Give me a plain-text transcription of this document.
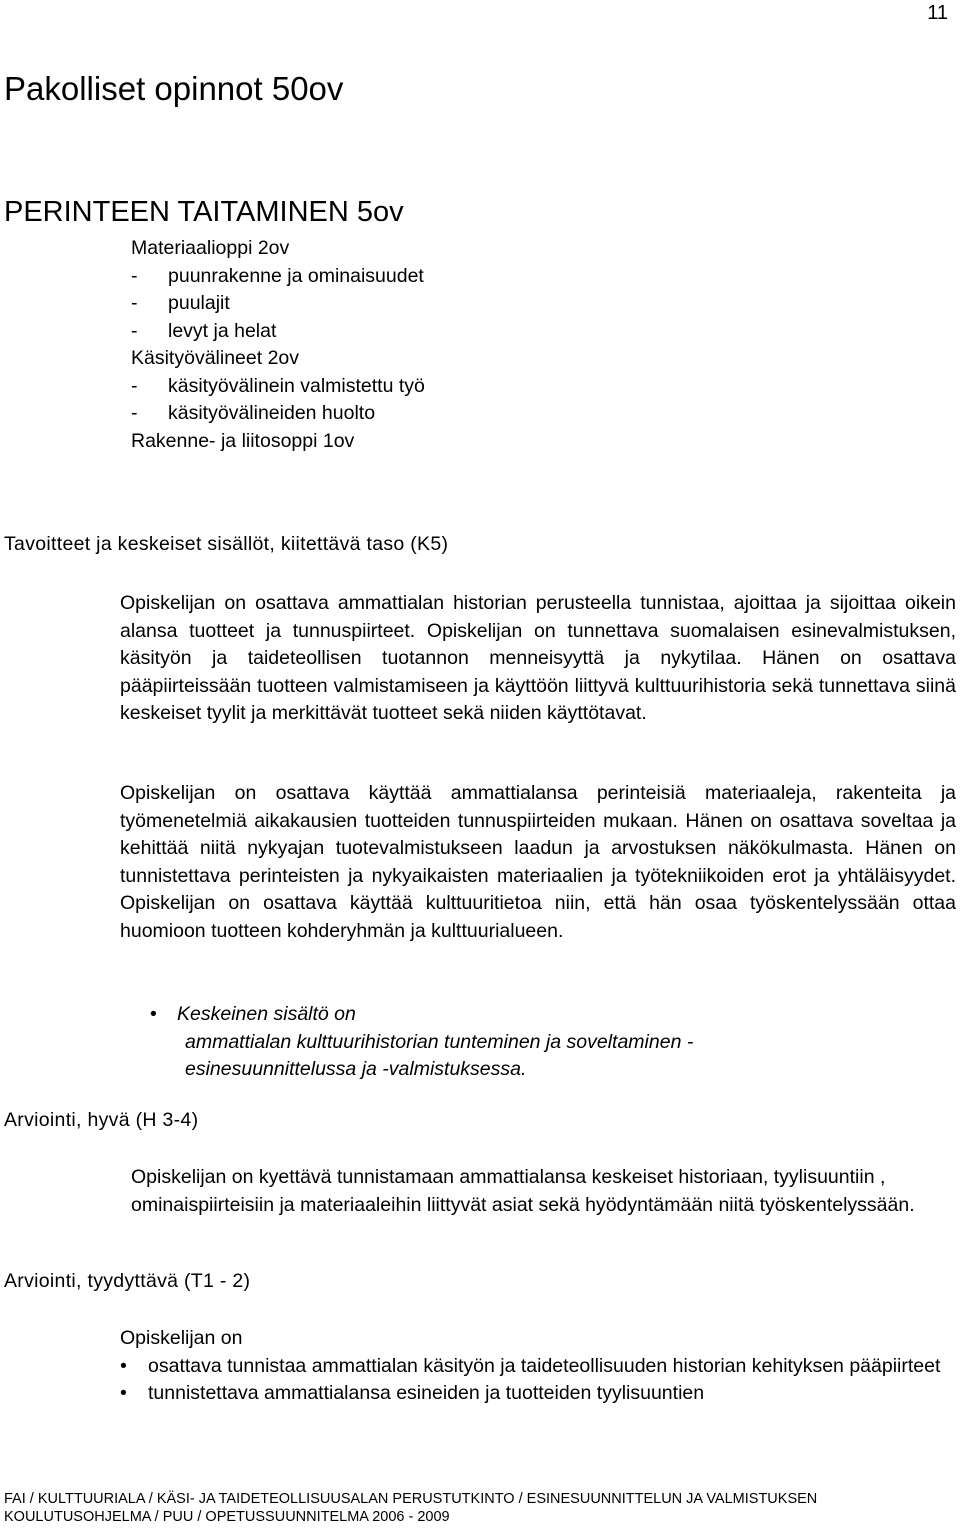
11
Pakolliset opinnot 50ov
PERINTEEN TAITAMINEN 5ov
Materiaalioppi 2ov
- puunrakenne ja ominaisuudet
- puulajit
- levyt ja helat
Käsityövälineet 2ov
- käsityövälinein valmistettu työ
- käsityövälineiden huolto
Rakenne- ja liitosoppi 1ov
Tavoitteet ja keskeiset sisällöt, kiitettävä taso (K5)
Opiskelijan on osattava ammattialan historian perusteella tunnistaa, ajoittaa ja sijoittaa oikein alansa tuotteet ja tunnuspiirteet. Opiskelijan on tunnettava suomalaisen esinevalmistuksen, käsityön ja taideteollisen tuotannon menneisyyttä ja nykytilaa. Hänen on osattava pääpiirteissään tuotteen valmistamiseen ja käyttöön liittyvä kulttuurihistoria sekä tunnettava siinä keskeiset tyylit ja merkittävät tuotteet sekä niiden käyttötavat.
Opiskelijan on osattava käyttää ammattialansa perinteisiä materiaaleja, rakenteita ja työmenetelmiä aikakausien tuotteiden tunnuspiirteiden mukaan. Hänen on osattava soveltaa ja kehittää niitä nykyajan tuotevalmistukseen laadun ja arvostuksen näkökulmasta. Hänen on tunnistettava perinteisten ja nykyaikaisten materiaalien ja työtekniikoiden erot ja yhtäläisyydet. Opiskelijan on osattava käyttää kulttuuritietoa niin, että hän osaa työskentelyssään ottaa huomioon tuotteen kohderyhmän ja kulttuurialueen.
• Keskeinen sisältö on
ammattialan kulttuurihistorian tunteminen ja soveltaminen -
esinesuunnittelussa ja -valmistuksessa.
Arviointi, hyvä (H 3-4)
Opiskelijan on kyettävä tunnistamaan ammattialansa keskeiset historiaan, tyylisuuntiin , ominaispiirteisiin ja materiaaleihin liittyvät asiat sekä hyödyntämään niitä työskentelyssään.
Arviointi, tyydyttävä (T1 - 2)
Opiskelijan on
• osattava tunnistaa ammattialan käsityön ja taideteollisuuden historian kehityksen pääpiirteet
• tunnistettava ammattialansa esineiden ja tuotteiden tyylisuuntien
FAI / KULTTUURIALA / KÄSI- JA TAIDETEOLLISUUSALAN PERUSTUTKINTO / ESINESUUNNITTELUN JA VALMISTUKSEN
KOULUTUSOHJELMA / PUU / OPETUSSUUNNITELMA 2006 - 2009
